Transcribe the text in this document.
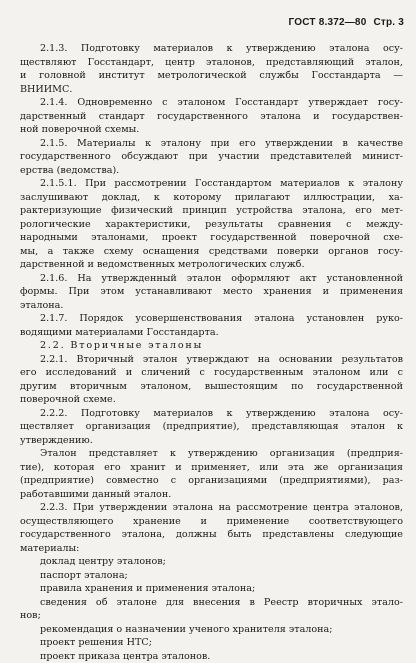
ГОСТ 8.372—80 Стр. 3
2.1.3. Подготовку материалов к утверждению эталона осу-
ществляют Госстандарт, центр эталонов, представляющий эталон,
и головной институт метрологической службы Госстандарта —
ВНИИМС.
2.1.4. Одновременно с эталоном Госстандарт утверждает госу-
дарственный стандарт государственного эталона и государствен-
ной поверочной схемы.
2.1.5. Материалы к эталону при его утверждении в качестве
государственного обсуждают при участии представителей минист-
ерства (ведомства).
2.1.5.1. При рассмотрении Госстандартом материалов к эталону
заслушивают доклад, к которому прилагают иллюстрации, ха-
рактеризующие физический принцип устройства эталона, его мет-
рологические характеристики, результаты сравнения с между-
народными эталонами, проект государственной поверочной схе-
мы, а также схему оснащения средствами поверки органов госу-
дарственной и ведомственных метрологических служб.
2.1.6. На утвержденный эталон оформляют акт установленной
формы. При этом устанавливают место хранения и применения
эталона.
2.1.7. Порядок усовершенствования эталона установлен руко-
водящими материалами Госстандарта.
2.2. Вторичные эталоны
2.2.1. Вторичный эталон утверждают на основании результатов
его исследований и сличений с государственным эталоном или с
другим вторичным эталоном, вышестоящим по государственной
поверочной схеме.
2.2.2. Подготовку материалов к утверждению эталона осу-
ществляет организация (предприятие), представляющая эталон к
утверждению.
Эталон представляет к утверждению организация (предприя-
тие), которая его хранит и применяет, или эта же организация
(предприятие) совместно с организациями (предприятиями), раз-
работавшими данный эталон.
2.2.3. При утверждении эталона на рассмотрение центра эталонов,
осуществляющего хранение и применение соответствующего
государственного эталона, должны быть представлены следующие
материалы:
доклад центру эталонов;
паспорт эталона;
правила хранения и применения эталона;
сведения об эталоне для внесения в Реестр вторичных этало-
нов;
рекомендация о назначении ученого хранителя эталона;
проект решения НТС;
проект приказа центра эталонов.
